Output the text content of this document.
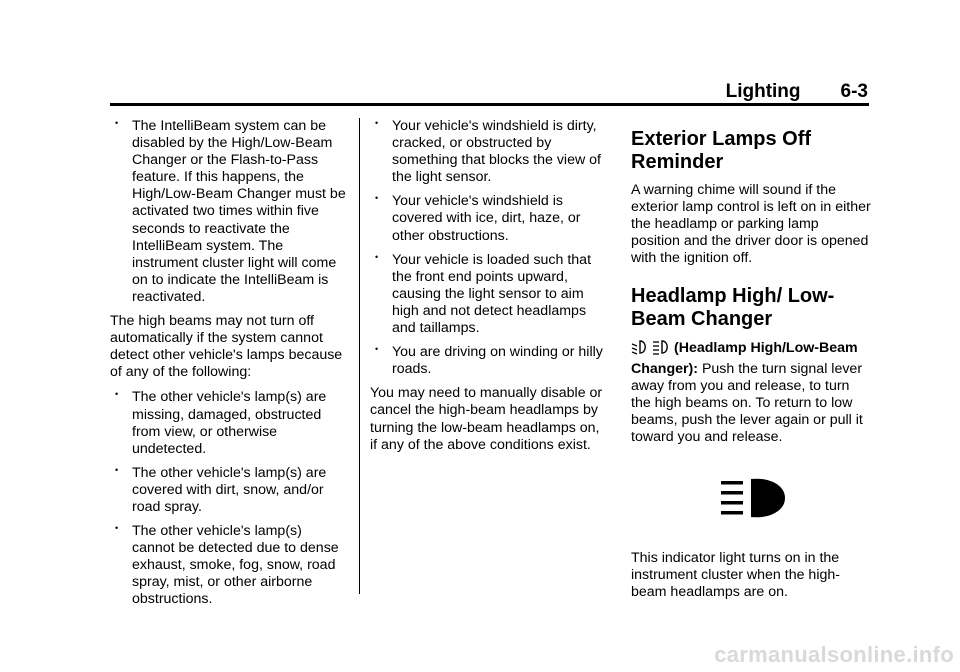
Lighting 6-3
• The IntelliBeam system can be disabled by the High/Low-Beam Changer or the Flash-to-Pass feature. If this happens, the High/Low-Beam Changer must be activated two times within five seconds to reactivate the IntelliBeam system. The instrument cluster light will come on to indicate the IntelliBeam is reactivated.

The high beams may not turn off automatically if the system cannot detect other vehicle's lamps because of any of the following:

• The other vehicle's lamp(s) are missing, damaged, obstructed from view, or otherwise undetected.
• The other vehicle's lamp(s) are covered with dirt, snow, and/or road spray.
• The other vehicle's lamp(s) cannot be detected due to dense exhaust, smoke, fog, snow, road spray, mist, or other airborne obstructions.
• Your vehicle's windshield is dirty, cracked, or obstructed by something that blocks the view of the light sensor.
• Your vehicle's windshield is covered with ice, dirt, haze, or other obstructions.
• Your vehicle is loaded such that the front end points upward, causing the light sensor to aim high and not detect headlamps and taillamps.
• You are driving on winding or hilly roads.

You may need to manually disable or cancel the high-beam headlamps by turning the low-beam headlamps on, if any of the above conditions exist.

Exterior Lamps Off Reminder

A warning chime will sound if the exterior lamp control is left on in either the headlamp or parking lamp position and the driver door is opened with the ignition off.

Headlamp High/ Low-Beam Changer

(Headlamp High/Low-Beam Changer): Push the turn signal lever away from you and release, to turn the high beams on. To return to low beams, push the lever again or pull it toward you and release.

This indicator light turns on in the instrument cluster when the high-beam headlamps are on.

carmanualsonline.info
